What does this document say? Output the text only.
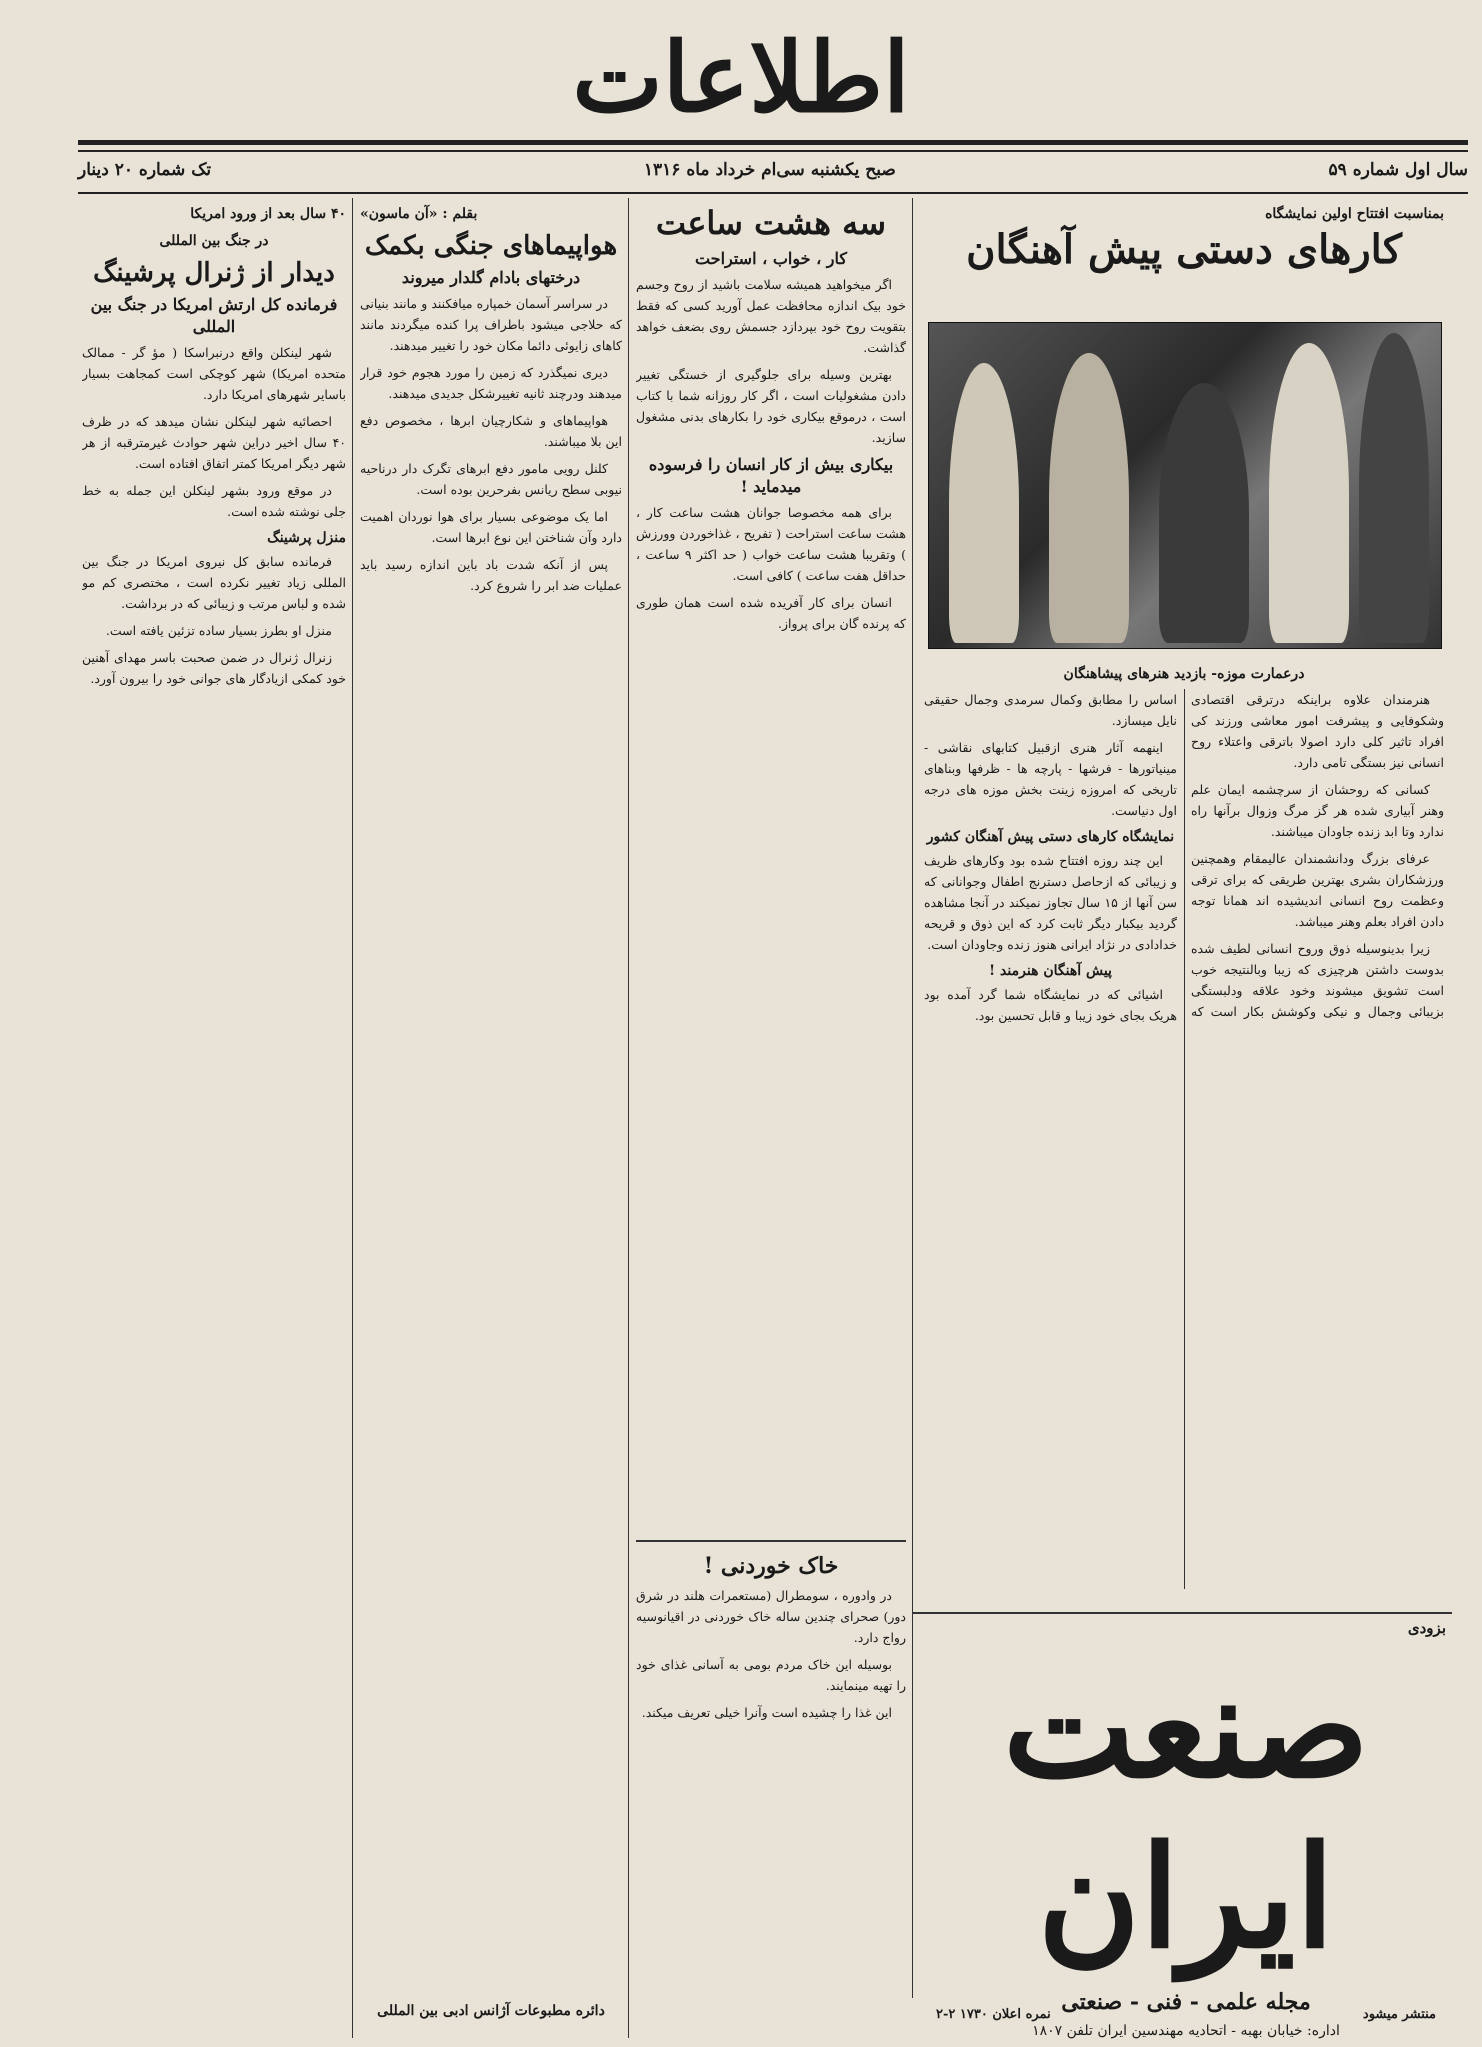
اطلاعات
سال اول شماره ۵۹
صبح یکشنبه سی‌ام خرداد ماه ۱۳۱۶
تک شماره ۲۰ دینار
بمناسبت افتتاح اولین نمایشگاه
کارهای دستی پیش آهنگان
درعمارت موزه- بازدید هنرهای پیشاهنگان

هنرمندان علاوه براینکه درترقی اقتصادی وشکوفایی و پیشرفت امور معاشی ورزند کی افراد تاثیر کلی دارد اصولا باترقی واعتلاء روح انسانی نیز بستگی تامی دارد.

کسانی که روحشان از سرچشمه ایمان علم وهنر آبیاری شده هر گز مرگ وزوال برآنها راه ندارد وتا ابد زنده جاودان میباشند.

عرفای بزرگ ودانشمندان عالیمقام وهمچنین ورزشکاران بشری بهترین طریقی که برای ترقی وعظمت روح انسانی اندیشیده اند همانا توجه دادن افراد بعلم وهنر میباشد.

زیرا بدینوسیله ذوق وروح انسانی لطیف شده بدوست داشتن هرچیزی که زیبا وبالنتیجه خوب است تشویق میشوند وخود علاقه ودلبستگی بزیبائی وجمال و نیکی وکوشش بکار است که اساس را مطابق وکمال سرمدی وجمال حقیقی نایل میسازد.

اینهمه آثار هنری ازقبیل کتابهای نقاشی - مینیاتورها - فرشها - پارچه ها - ظرفها وبناهای تاریخی که امروزه زینت بخش موزه های درجه اول دنیاست.

نمایشگاه کارهای دستی پیش آهنگان کشور

این چند روزه افتتاح شده بود وکارهای ظریف و زیبائی که ازحاصل دسترنج اطفال وجوانانی که سن آنها از ۱۵ سال تجاوز نمیکند در آنجا مشاهده گردید بیکبار دیگر ثابت کرد که این ذوق و قریحه خدادادی در نژاد ایرانی هنوز زنده وجاودان است.

پیش آهنگان هنرمند !

اشیائی که در نمایشگاه شما گرد آمده بود هریک بجای خود زیبا و قابل تحسین بود.

سه هشت ساعت
کار ، خواب ، استراحت

اگر میخواهید همیشه سلامت باشید از روح وجسم خود بیک اندازه محافظت عمل آورید کسی که فقط بتقویت روح خود بپردازد جسمش روی بضعف خواهد گذاشت.

بهترین وسیله برای جلوگیری از خستگی تغییر دادن مشغولیات است ، اگر کار روزانه شما با کتاب است ، درموقع بیکاری خود را بکارهای بدنی مشغول سازید.

بیکاری بیش از کار انسان را فرسوده میدماید !

برای همه مخصوصا جوانان هشت ساعت کار ، هشت ساعت استراحت ( تفریح ، غذاخوردن وورزش ) وتقریبا هشت ساعت خواب ( حد اکثر ۹ ساعت ، حداقل هفت ساعت ) کافی است.

انسان برای کار آفریده شده است همان طوری که پرنده گان برای پرواز.

خاک خوردنی !

در وادوره ، سومطرال (مستعمرات هلند در شرق دور) صحرای چندین ساله خاک خوردنی در اقیانوسیه رواج دارد.

بوسیله این خاک مردم بومی به آسانی غذای خود را تهیه مینمایند.

این غذا را چشیده است وآنرا خیلی تعریف میکند.

بقلم : «آن ماسون»
هواپیماهای جنگی بکمک
درختهای بادام گلدار میروند

در سراسر آسمان خمپاره میافکنند و مانند بنیانی که حلاجی میشود باطراف پرا کنده میگردند مانند کاهای زایوئی دائما مکان خود را تغییر میدهند.

دیری نمیگذرد که زمین را مورد هجوم خود قرار میدهند ودرچند ثانیه تغییرشکل جدیدی میدهند.

هواپیماهای و شکارچیان ابرها ، مخصوص دفع این بلا میباشند.

کلنل رویی مامور دفع ابرهای تگرک دار درناحیه نیوبی سطح ریانس بفرحرین بوده است.

اما یک موضوعی بسیار برای هوا نوردان اهمیت دارد وآن شناختن این نوع ابرها است.

پس از آنکه شدت باد باین اندازه رسید باید عملیات ضد ابر را شروع کرد.

دائره مطبوعات آژانس ادبی بین المللی
۴۰ سال بعد از ورود امریکا
در جنگ بین المللی
دیدار از ژنرال پرشینگ
فرمانده کل ارتش امریکا در جنگ بین المللی

شهر لینکلن واقع درنبراسکا ( مؤ گر - ممالک متحده امریکا) شهر کوچکی است کمجاهت بسیار باسایر شهرهای امریکا دارد.

احصائیه شهر لینکلن نشان میدهد که در ظرف ۴۰ سال اخیر دراین شهر حوادث غیرمترقبه از هر شهر دیگر امریکا کمتر اتفاق افتاده است.

در موقع ورود بشهر لینکلن این جمله به خط جلی نوشته شده است.

منزل پرشینگ

فرمانده سابق کل نیروی امریکا در جنگ بین المللی زیاد تغییر نکرده است ، مختصری کم مو شده و لباس مرتب و زیبائی که در برداشت.

منزل او بطرز بسیار ساده تزئین یافته است.

زنرال ژنرال در ضمن صحبت باسر مهدای آهنین خود کمکی ازیادگار های جوانی خود را بیرون آورد.

بزودی
صنعت ایران
مجله علمی - فنی - صنعتی
اداره: خیابان بهبه - اتحادیه مهندسین ایران تلفن ۱۸۰۷
منتشر میشود
نمره اعلان ۱۷۳۰ ۲-۲
